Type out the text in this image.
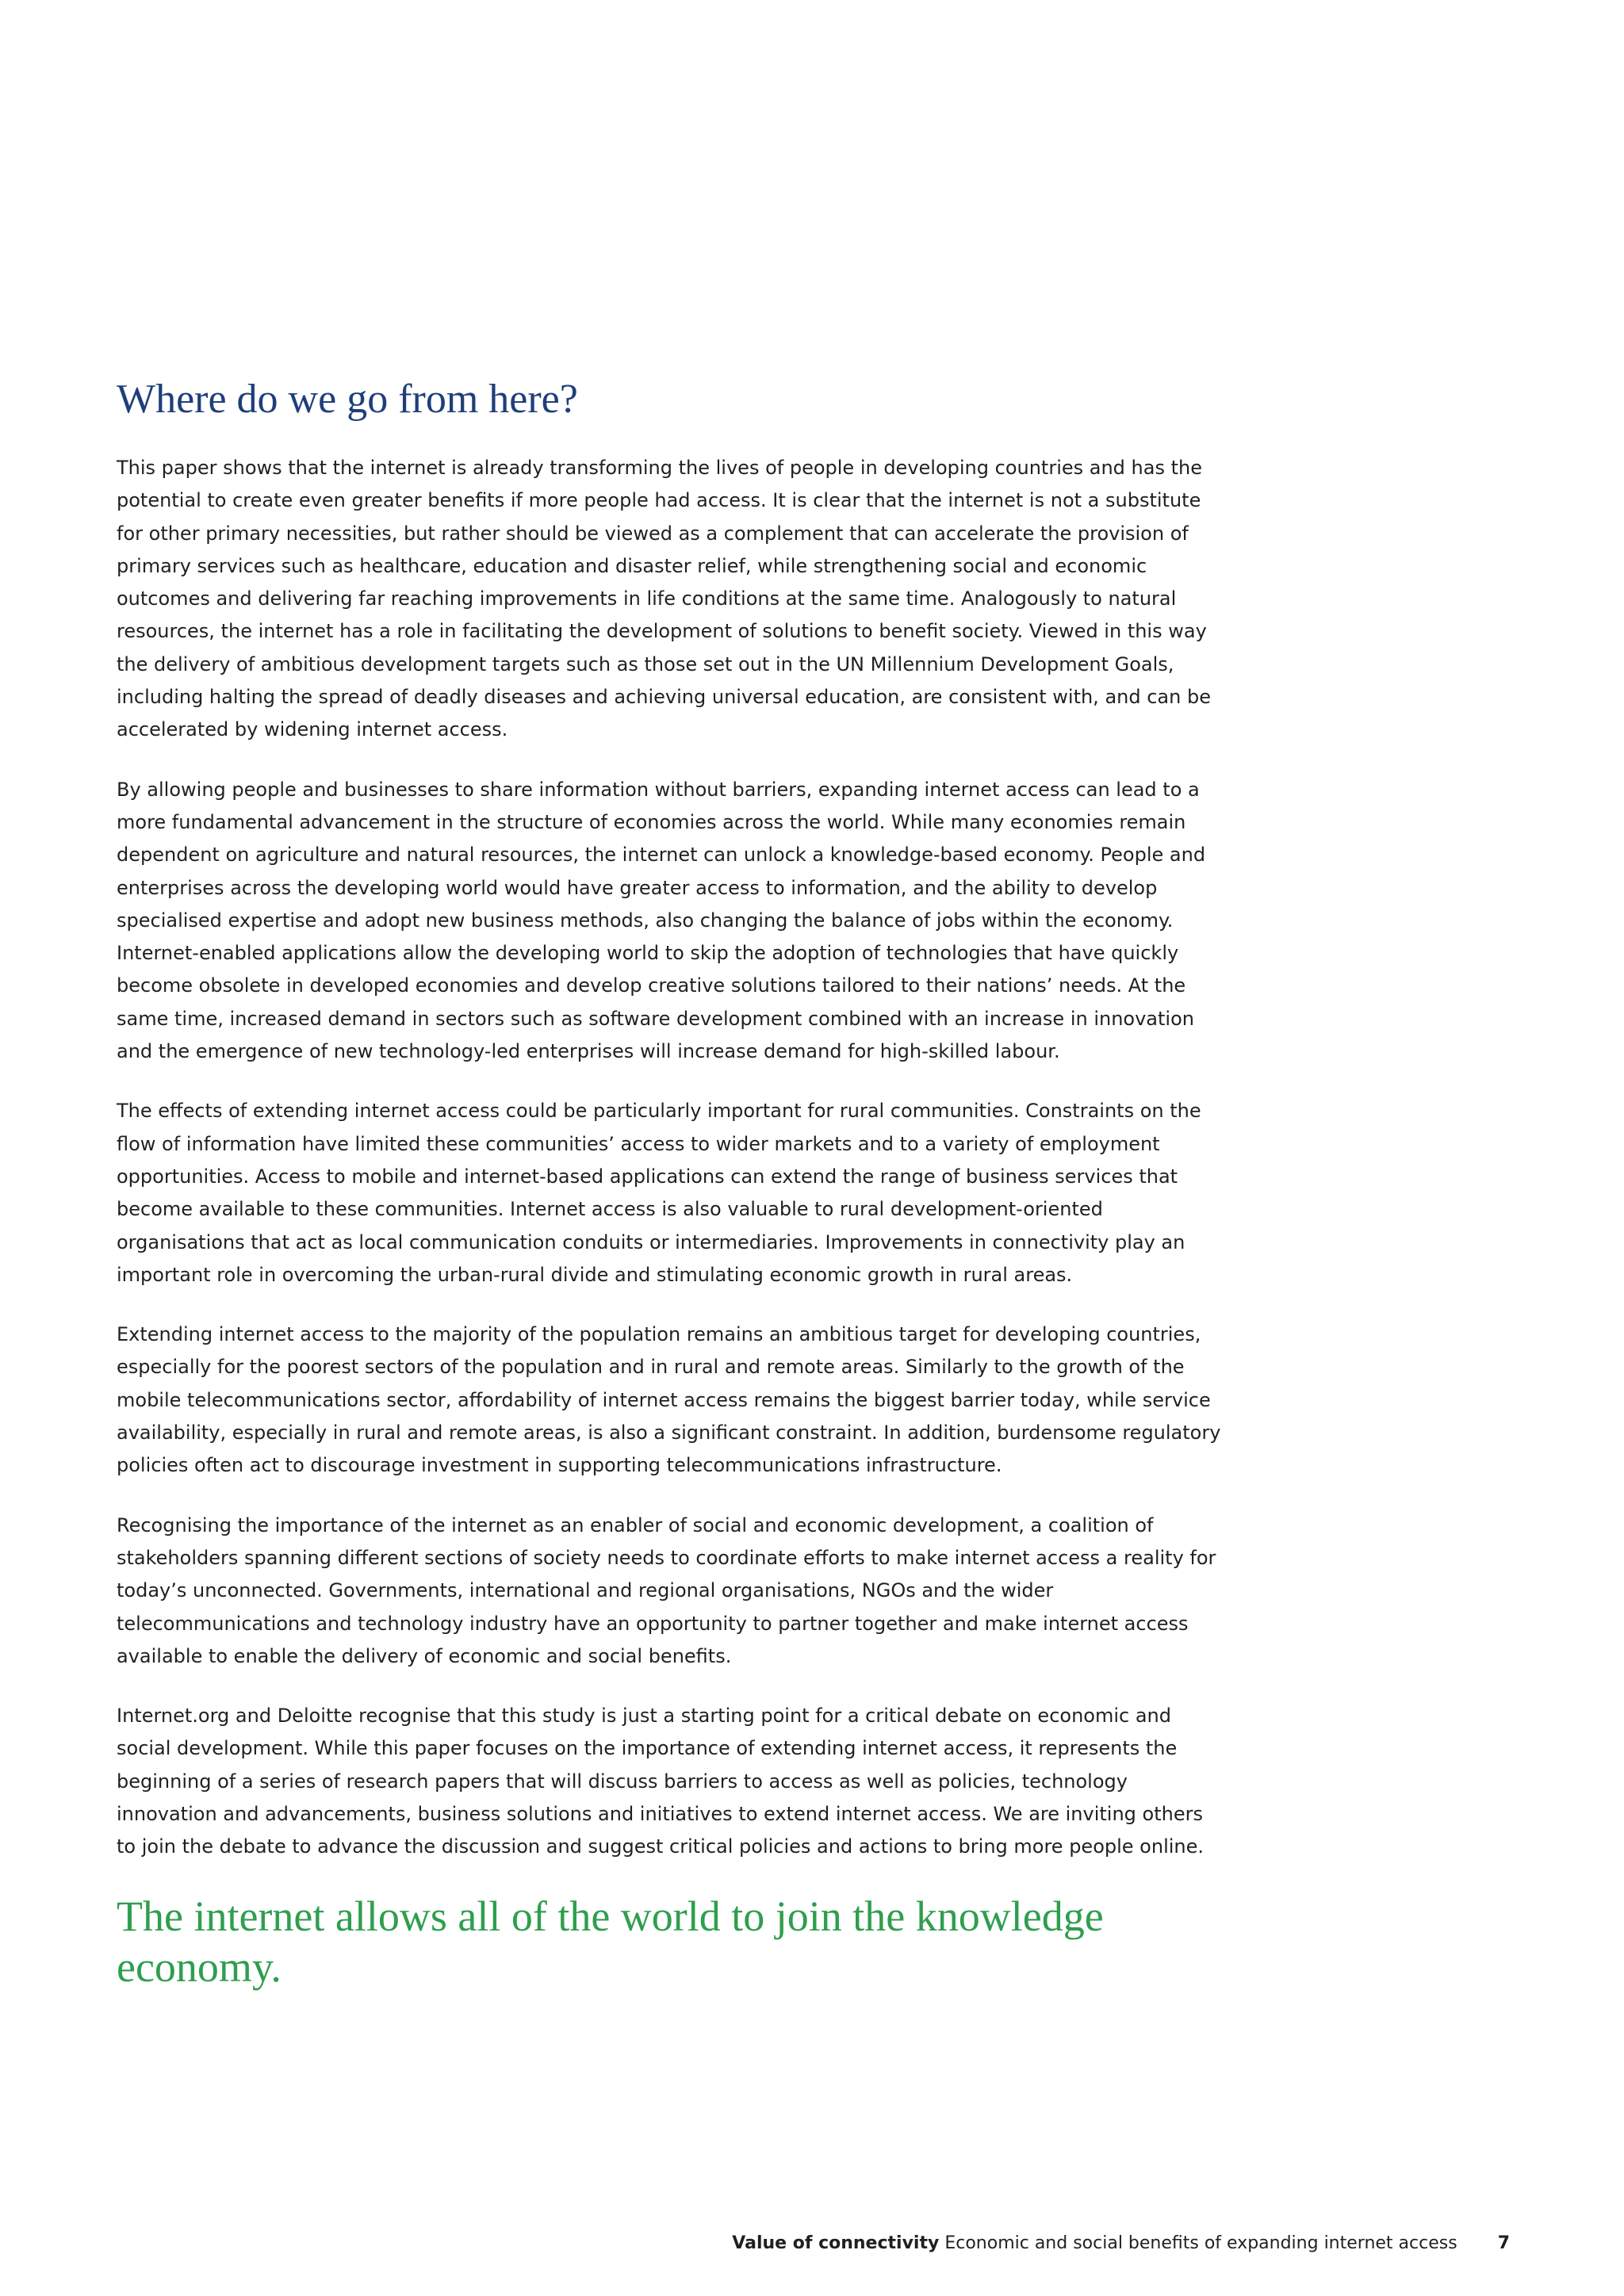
Where do we go from here?

This paper shows that the internet is already transforming the lives of people in developing countries and has the potential to create even greater benefits if more people had access. It is clear that the internet is not a substitute for other primary necessities, but rather should be viewed as a complement that can accelerate the provision of primary services such as healthcare, education and disaster relief, while strengthening social and economic outcomes and delivering far reaching improvements in life conditions at the same time. Analogously to natural resources, the internet has a role in facilitating the development of solutions to benefit society. Viewed in this way the delivery of ambitious development targets such as those set out in the UN Millennium Development Goals, including halting the spread of deadly diseases and achieving universal education, are consistent with, and can be accelerated by widening internet access.

By allowing people and businesses to share information without barriers, expanding internet access can lead to a more fundamental advancement in the structure of economies across the world. While many economies remain dependent on agriculture and natural resources, the internet can unlock a knowledge-based economy. People and enterprises across the developing world would have greater access to information, and the ability to develop specialised expertise and adopt new business methods, also changing the balance of jobs within the economy. Internet-enabled applications allow the developing world to skip the adoption of technologies that have quickly become obsolete in developed economies and develop creative solutions tailored to their nations’ needs. At the same time, increased demand in sectors such as software development combined with an increase in innovation and the emergence of new technology-led enterprises will increase demand for high-skilled labour.

The effects of extending internet access could be particularly important for rural communities. Constraints on the flow of information have limited these communities’ access to wider markets and to a variety of employment opportunities. Access to mobile and internet-based applications can extend the range of business services that become available to these communities. Internet access is also valuable to rural development-oriented organisations that act as local communication conduits or intermediaries. Improvements in connectivity play an important role in overcoming the urban-rural divide and stimulating economic growth in rural areas.

Extending internet access to the majority of the population remains an ambitious target for developing countries, especially for the poorest sectors of the population and in rural and remote areas. Similarly to the growth of the mobile telecommunications sector, affordability of internet access remains the biggest barrier today, while service availability, especially in rural and remote areas, is also a significant constraint. In addition, burdensome regulatory policies often act to discourage investment in supporting telecommunications infrastructure.

Recognising the importance of the internet as an enabler of social and economic development, a coalition of stakeholders spanning different sections of society needs to coordinate efforts to make internet access a reality for today’s unconnected. Governments, international and regional organisations, NGOs and the wider telecommunications and technology industry have an opportunity to partner together and make internet access available to enable the delivery of economic and social benefits.

Internet.org and Deloitte recognise that this study is just a starting point for a critical debate on economic and social development. While this paper focuses on the importance of extending internet access, it represents the beginning of a series of research papers that will discuss barriers to access as well as policies, technology innovation and advancements, business solutions and initiatives to extend internet access. We are inviting others to join the debate to advance the discussion and suggest critical policies and actions to bring more people online.

The internet allows all of the world to join the knowledge economy.

Value of connectivity Economic and social benefits of expanding internet access 7
